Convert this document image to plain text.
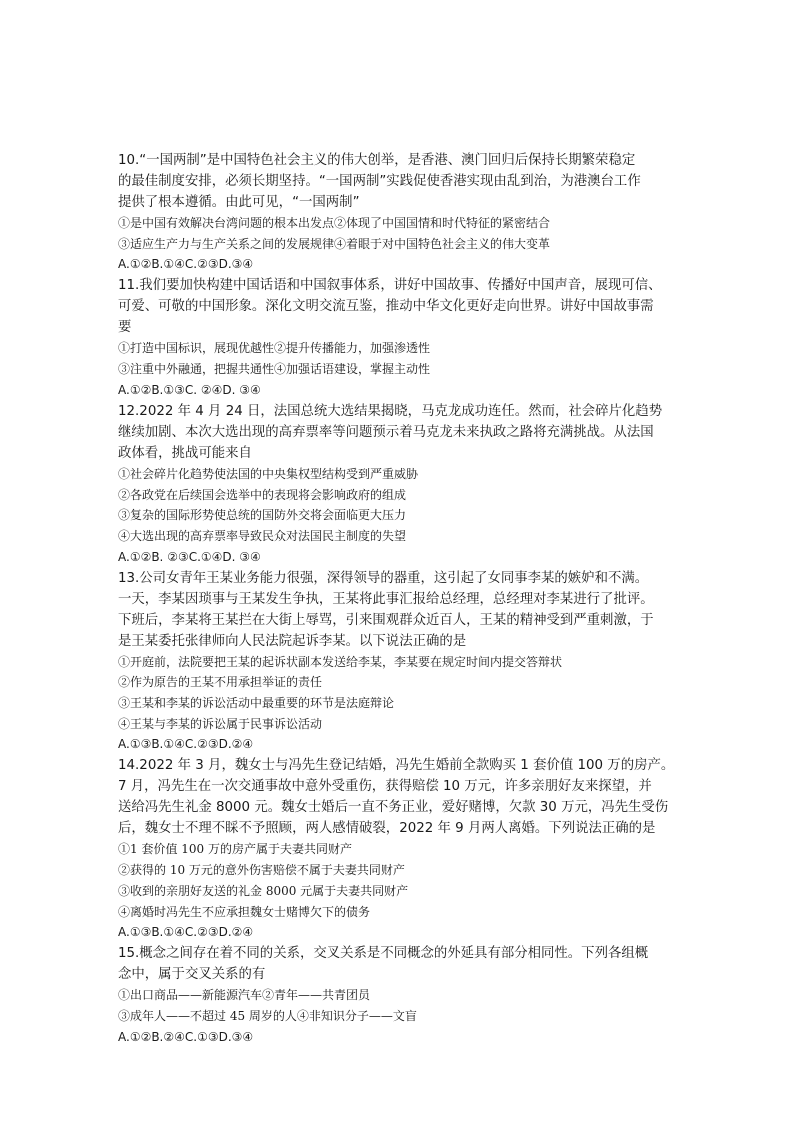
10.“一国两制”是中国特色社会主义的伟大创举，是香港、澳门回归后保持长期繁荣稳定
的最佳制度安排，必须长期坚持。“一国两制”实践促使香港实现由乱到治，为港澳台工作
提供了根本遵循。由此可见，“一国两制”
①是中国有效解决台湾问题的根本出发点②体现了中国国情和时代特征的紧密结合
③适应生产力与生产关系之间的发展规律④着眼于对中国特色社会主义的伟大变革
A.①②B.①④C.②③D.③④
11.我们要加快构建中国话语和中国叙事体系，讲好中国故事、传播好中国声音，展现可信、
可爱、可敬的中国形象。深化文明交流互鉴，推动中华文化更好走向世界。讲好中国故事需
要
①打造中国标识，展现优越性②提升传播能力，加强渗透性
③注重中外融通，把握共通性④加强话语建设，掌握主动性
A.①②B.①③C. ②④D. ③④
12.2022 年 4 月 24 日，法国总统大选结果揭晓，马克龙成功连任。然而，社会碎片化趋势
继续加剧、本次大选出现的高弃票率等问题预示着马克龙未来执政之路将充满挑战。从法国
政体看，挑战可能来自
①社会碎片化趋势使法国的中央集权型结构受到严重威胁
②各政党在后续国会选举中的表现将会影响政府的组成
③复杂的国际形势使总统的国防外交将会面临更大压力
④大选出现的高弃票率导致民众对法国民主制度的失望
A.①②B. ②③C.①④D. ③④
13.公司女青年王某业务能力很强，深得领导的器重，这引起了女同事李某的嫉妒和不满。
一天，李某因琐事与王某发生争执，王某将此事汇报给总经理，总经理对李某进行了批评。
下班后，李某将王某拦在大街上辱骂，引来围观群众近百人，王某的精神受到严重刺激，于
是王某委托张律师向人民法院起诉李某。以下说法正确的是
①开庭前，法院要把王某的起诉状副本发送给李某，李某要在规定时间内提交答辩状
②作为原告的王某不用承担举证的责任
③王某和李某的诉讼活动中最重要的环节是法庭辩论
④王某与李某的诉讼属于民事诉讼活动
A.①③B.①④C.②③D.②④
14.2022 年 3 月，魏女士与冯先生登记结婚，冯先生婚前全款购买 1 套价值 100 万的房产。
7 月，冯先生在一次交通事故中意外受重伤，获得赔偿 10 万元，许多亲朋好友来探望，并
送给冯先生礼金 8000 元。魏女士婚后一直不务正业，爱好赌博，欠款 30 万元，冯先生受伤
后，魏女士不理不睬不予照顾，两人感情破裂，2022 年 9 月两人离婚。下列说法正确的是
①1 套价值 100 万的房产属于夫妻共同财产
②获得的 10 万元的意外伤害赔偿不属于夫妻共同财产
③收到的亲朋好友送的礼金 8000 元属于夫妻共同财产
④离婚时冯先生不应承担魏女士赌博欠下的债务
A.①③B.①④C.②③D.②④
15.概念之间存在着不同的关系，交叉关系是不同概念的外延具有部分相同性。下列各组概
念中，属于交叉关系的有
①出口商品——新能源汽车②青年——共青团员
③成年人——不超过 45 周岁的人④非知识分子——文盲
A.①②B.②④C.①③D.③④
